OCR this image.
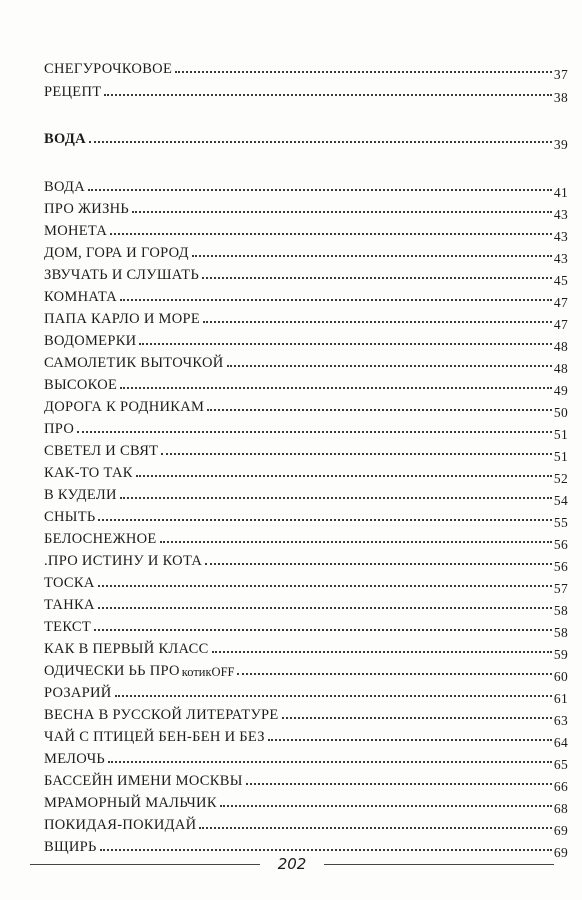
СНЕГУРОЧКОВОЕ	37
РЕЦЕПТ	38
ВОДА	39
ВОДА	41
ПРО ЖИЗНЬ	43
МОНЕТА	43
ДОМ, ГОРА И ГОРОД	43
ЗВУЧАТЬ И СЛУШАТЬ	45
КОМНАТА	47
ПАПА КАРЛО И МОРЕ	47
ВОДОМЕРКИ	48
САМОЛЕТИК ВЫТОЧКОЙ	48
ВЫСОКОЕ	49
ДОРОГА К РОДНИКАМ	50
ПРО	51
СВЕТЕЛ И СВЯТ	51
КАК-ТО ТАК	52
В КУДЕЛИ	54
СНЫТЬ	55
БЕЛОСНЕЖНОЕ	56
.ПРО ИСТИНУ И КОТА	56
ТОСКА	57
ТАНКА	58
ТЕКСТ	58
КАК В ПЕРВЫЙ КЛАСС	59
ОДИЧЕСКИ ЬЬ ПРО котикOFF	60
РОЗАРИЙ	61
ВЕСНА В РУССКОЙ ЛИТЕРАТУРЕ	63
ЧАЙ С ПТИЦЕЙ БЕН-БЕН И БЕЗ	64
МЕЛОЧЬ	65
БАССЕЙН ИМЕНИ МОСКВЫ	66
МРАМОРНЫЙ МАЛЬЧИК	68
ПОКИДАЯ-ПОКИДАЙ	69
ВЩИРЬ	69
202
